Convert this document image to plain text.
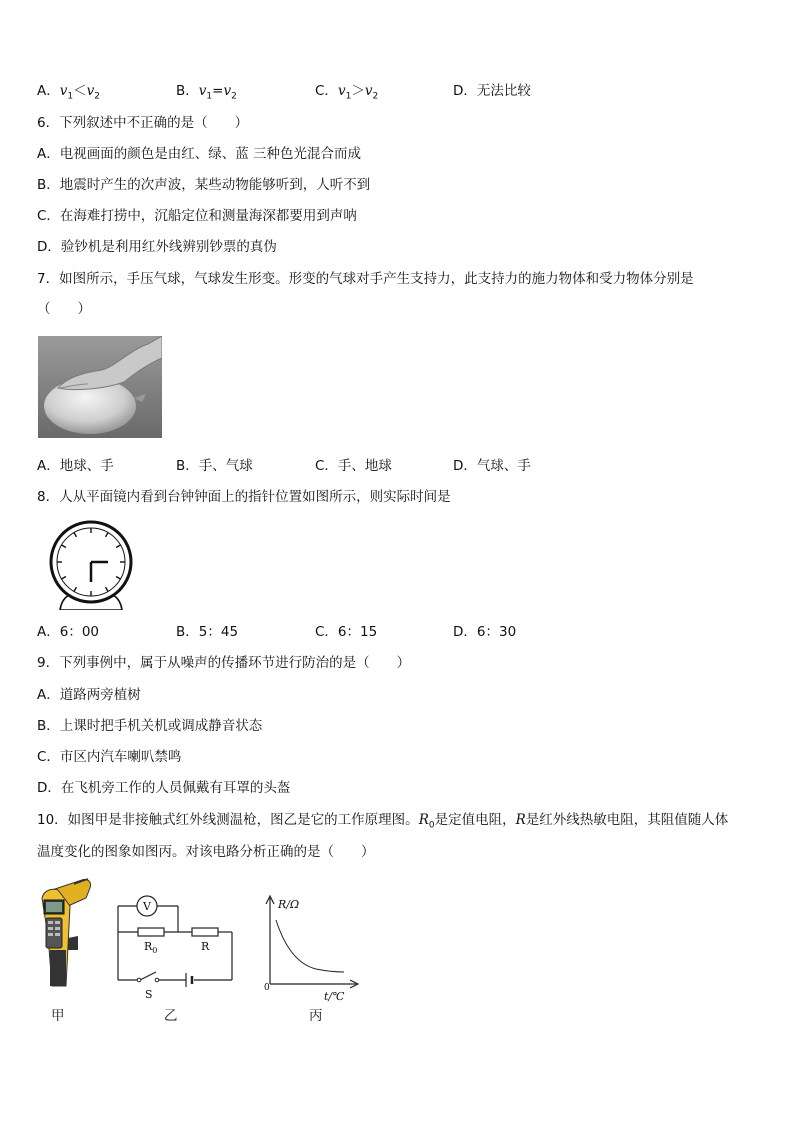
A．$v_1<v_2$	B．$v_1=v_2$	C．$v_1>v_2$	D．无法比较
6．下列叙述中不正确的是（　　）
A．电视画面的颜色是由红、绿、蓝 三种色光混合而成
B．地震时产生的次声波，某些动物能够听到，人听不到
C．在海难打捞中，沉船定位和测量海深都要用到声呐
D．验钞机是利用红外线辨别钞票的真伪
7．如图所示，手压气球，气球发生形变。形变的气球对手产生支持力，此支持力的施力物体和受力物体分别是
（　　）
A．地球、手	B．手、气球	C．手、地球	D．气球、手
8．人从平面镜内看到台钟钟面上的指针位置如图所示，则实际时间是
A．6：00	B．5：45	C．6：15	D．6：30
9．下列事例中，属于从噪声的传播环节进行防治的是（　　）
A．道路两旁植树
B．上课时把手机关机或调成静音状态
C．市区内汽车喇叭禁鸣
D．在飞机旁工作的人员佩戴有耳罩的头盔
10．如图甲是非接触式红外线测温枪，图乙是它的工作原理图。$R_0$是定值电阻，R是红外线热敏电阻，其阻值随人体
温度变化的图象如图丙。对该电路分析正确的是（　　）
甲
V
$R_0$	R
S
乙
R/Ω
t/℃
0
丙
